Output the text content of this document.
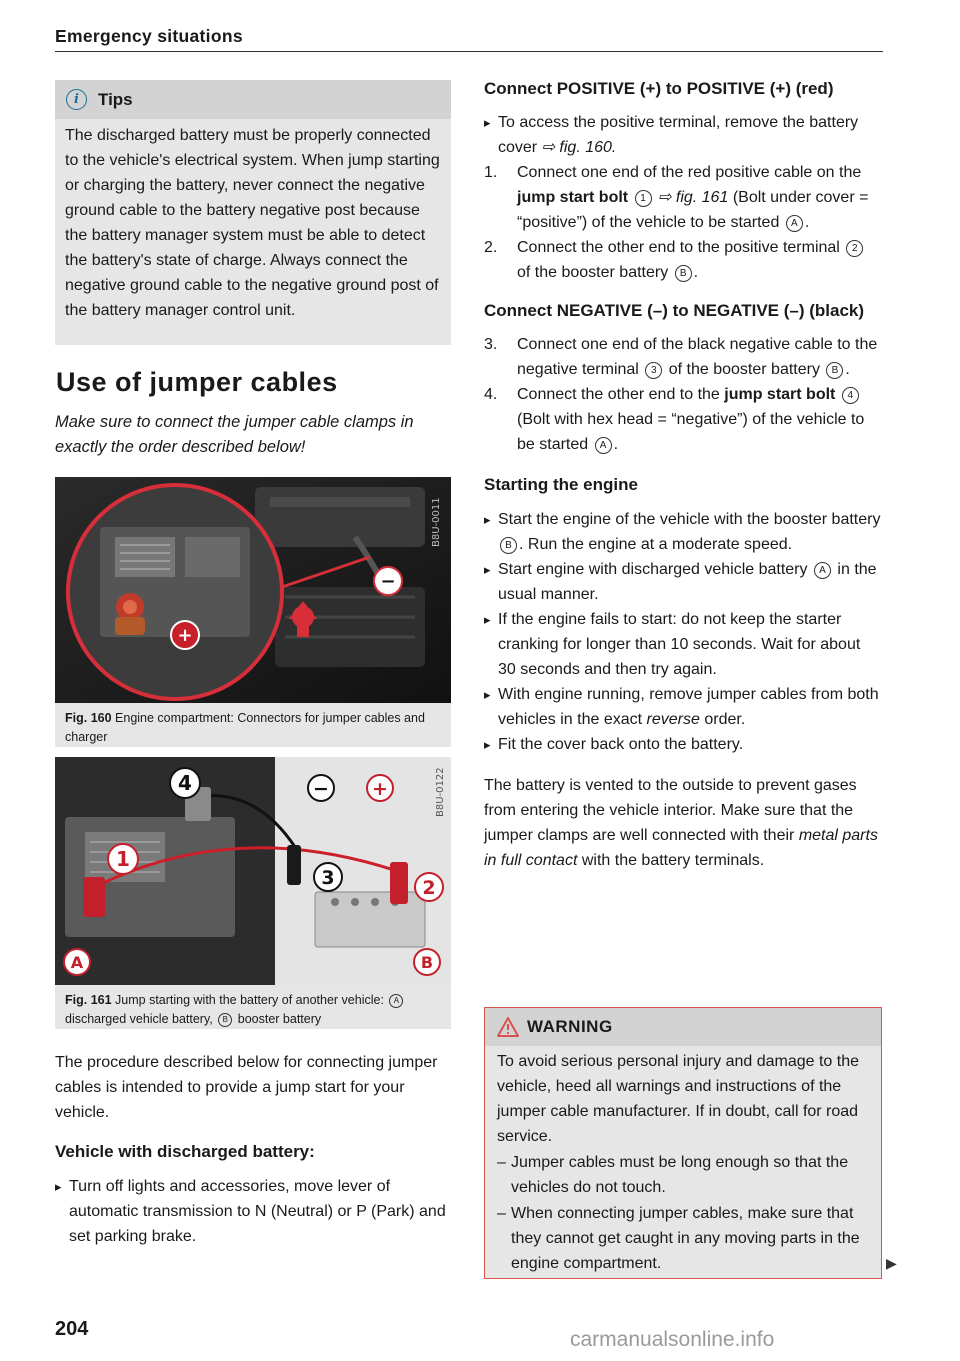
Emergency situations
i	Tips
The discharged battery must be properly connected to the vehicle's electrical system. When jump starting or charging the battery, never connect the negative ground cable to the battery negative post because the battery manager system must be able to detect the battery's state of charge. Always connect the negative ground cable to the negative ground post of the battery manager control unit.
Use of jumper cables
Make sure to connect the jumper cable clamps in exactly the order described below!
+
−
B8U-0011
Fig. 160 Engine compartment: Connectors for jumper cables and charger
4
1
3	2
− +
A	B
B8U-0122
Fig. 161 Jump starting with the battery of another vehicle: A discharged vehicle battery, B booster battery
The procedure described below for connecting jumper cables is intended to provide a jump start for your vehicle.
Vehicle with discharged battery:
▸ Turn off lights and accessories, move lever of automatic transmission to N (Neutral) or P (Park) and set parking brake.
Connect POSITIVE (+) to POSITIVE (+) (red)
▸ To access the positive terminal, remove the battery cover ⇨ fig. 160.
1. Connect one end of the red positive cable on the jump start bolt 1 ⇨ fig. 161 (Bolt under cover = “positive”) of the vehicle to be started A .
2. Connect the other end to the positive terminal 2 of the booster battery B .
Connect NEGATIVE (–) to NEGATIVE (–) (black)
3. Connect one end of the black negative cable to the negative terminal 3 of the booster battery B .
4. Connect the other end to the jump start bolt 4 (Bolt with hex head = “negative”) of the vehicle to be started A .
Starting the engine
▸ Start the engine of the vehicle with the booster battery B . Run the engine at a moderate speed.
▸ Start engine with discharged vehicle battery A in the usual manner.
▸ If the engine fails to start: do not keep the starter cranking for longer than 10 seconds. Wait for about 30 seconds and then try again.
▸ With engine running, remove jumper cables from both vehicles in the exact reverse order.
▸ Fit the cover back onto the battery.
The battery is vented to the outside to prevent gases from entering the vehicle interior. Make sure that the jumper clamps are well connected with their metal parts in full contact with the battery terminals.
WARNING
To avoid serious personal injury and damage to the vehicle, heed all warnings and instructions of the jumper cable manufacturer. If in doubt, call for road service.
– Jumper cables must be long enough so that the vehicles do not touch.
– When connecting jumper cables, make sure that they cannot get caught in any moving parts in the engine compartment.	▶
204	carmanualsonline.info
